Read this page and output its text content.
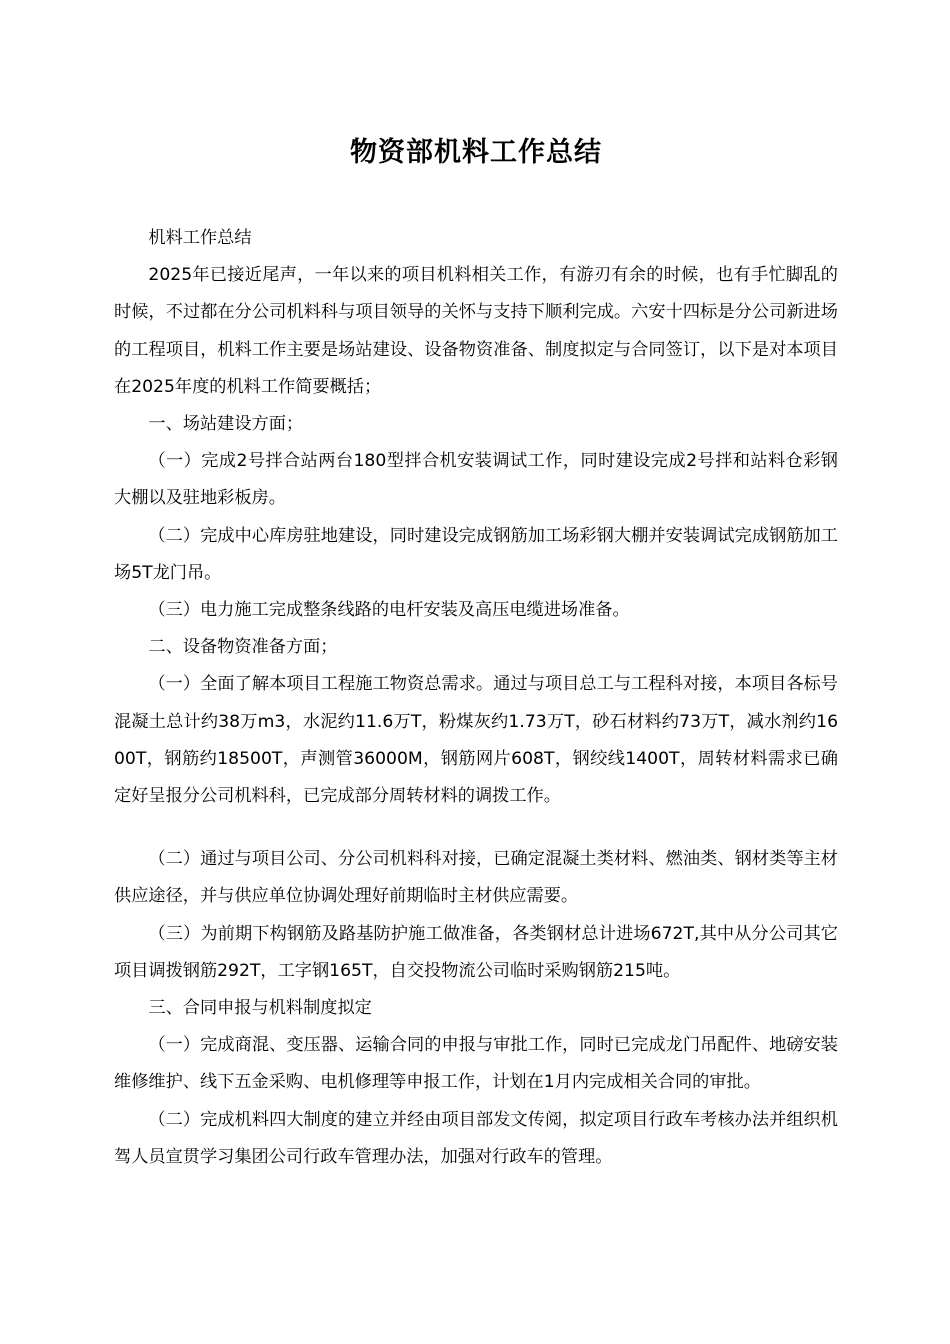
物资部机料工作总结

机料工作总结

2025年已接近尾声，一年以来的项目机料相关工作，有游刃有余的时候，也有手忙脚乱的时候，不过都在分公司机料科与项目领导的关怀与支持下顺利完成。六安十四标是分公司新进场的工程项目，机料工作主要是场站建设、设备物资准备、制度拟定与合同签订，以下是对本项目在2025年度的机料工作简要概括；

一、场站建设方面；

（一）完成2号拌合站两台180型拌合机安装调试工作，同时建设完成2号拌和站料仓彩钢大棚以及驻地彩板房。

（二）完成中心库房驻地建设，同时建设完成钢筋加工场彩钢大棚并安装调试完成钢筋加工场5T龙门吊。

（三）电力施工完成整条线路的电杆安装及高压电缆进场准备。

二、设备物资准备方面；

（一）全面了解本项目工程施工物资总需求。通过与项目总工与工程科对接，本项目各标号混凝土总计约38万m3，水泥约11.6万T，粉煤灰约1.73万T，砂石材料约73万T，减水剂约1600T，钢筋约18500T，声测管36000M，钢筋网片608T，钢绞线1400T，周转材料需求已确定好呈报分公司机料科，已完成部分周转材料的调拨工作。

（二）通过与项目公司、分公司机料科对接，已确定混凝土类材料、燃油类、钢材类等主材供应途径，并与供应单位协调处理好前期临时主材供应需要。

（三）为前期下构钢筋及路基防护施工做准备，各类钢材总计进场672T,其中从分公司其它项目调拨钢筋292T，工字钢165T，自交投物流公司临时采购钢筋215吨。

三、合同申报与机料制度拟定

（一）完成商混、变压器、运输合同的申报与审批工作，同时已完成龙门吊配件、地磅安装维修维护、线下五金采购、电机修理等申报工作，计划在1月内完成相关合同的审批。

（二）完成机料四大制度的建立并经由项目部发文传阅，拟定项目行政车考核办法并组织机驾人员宣贯学习集团公司行政车管理办法，加强对行政车的管理。
